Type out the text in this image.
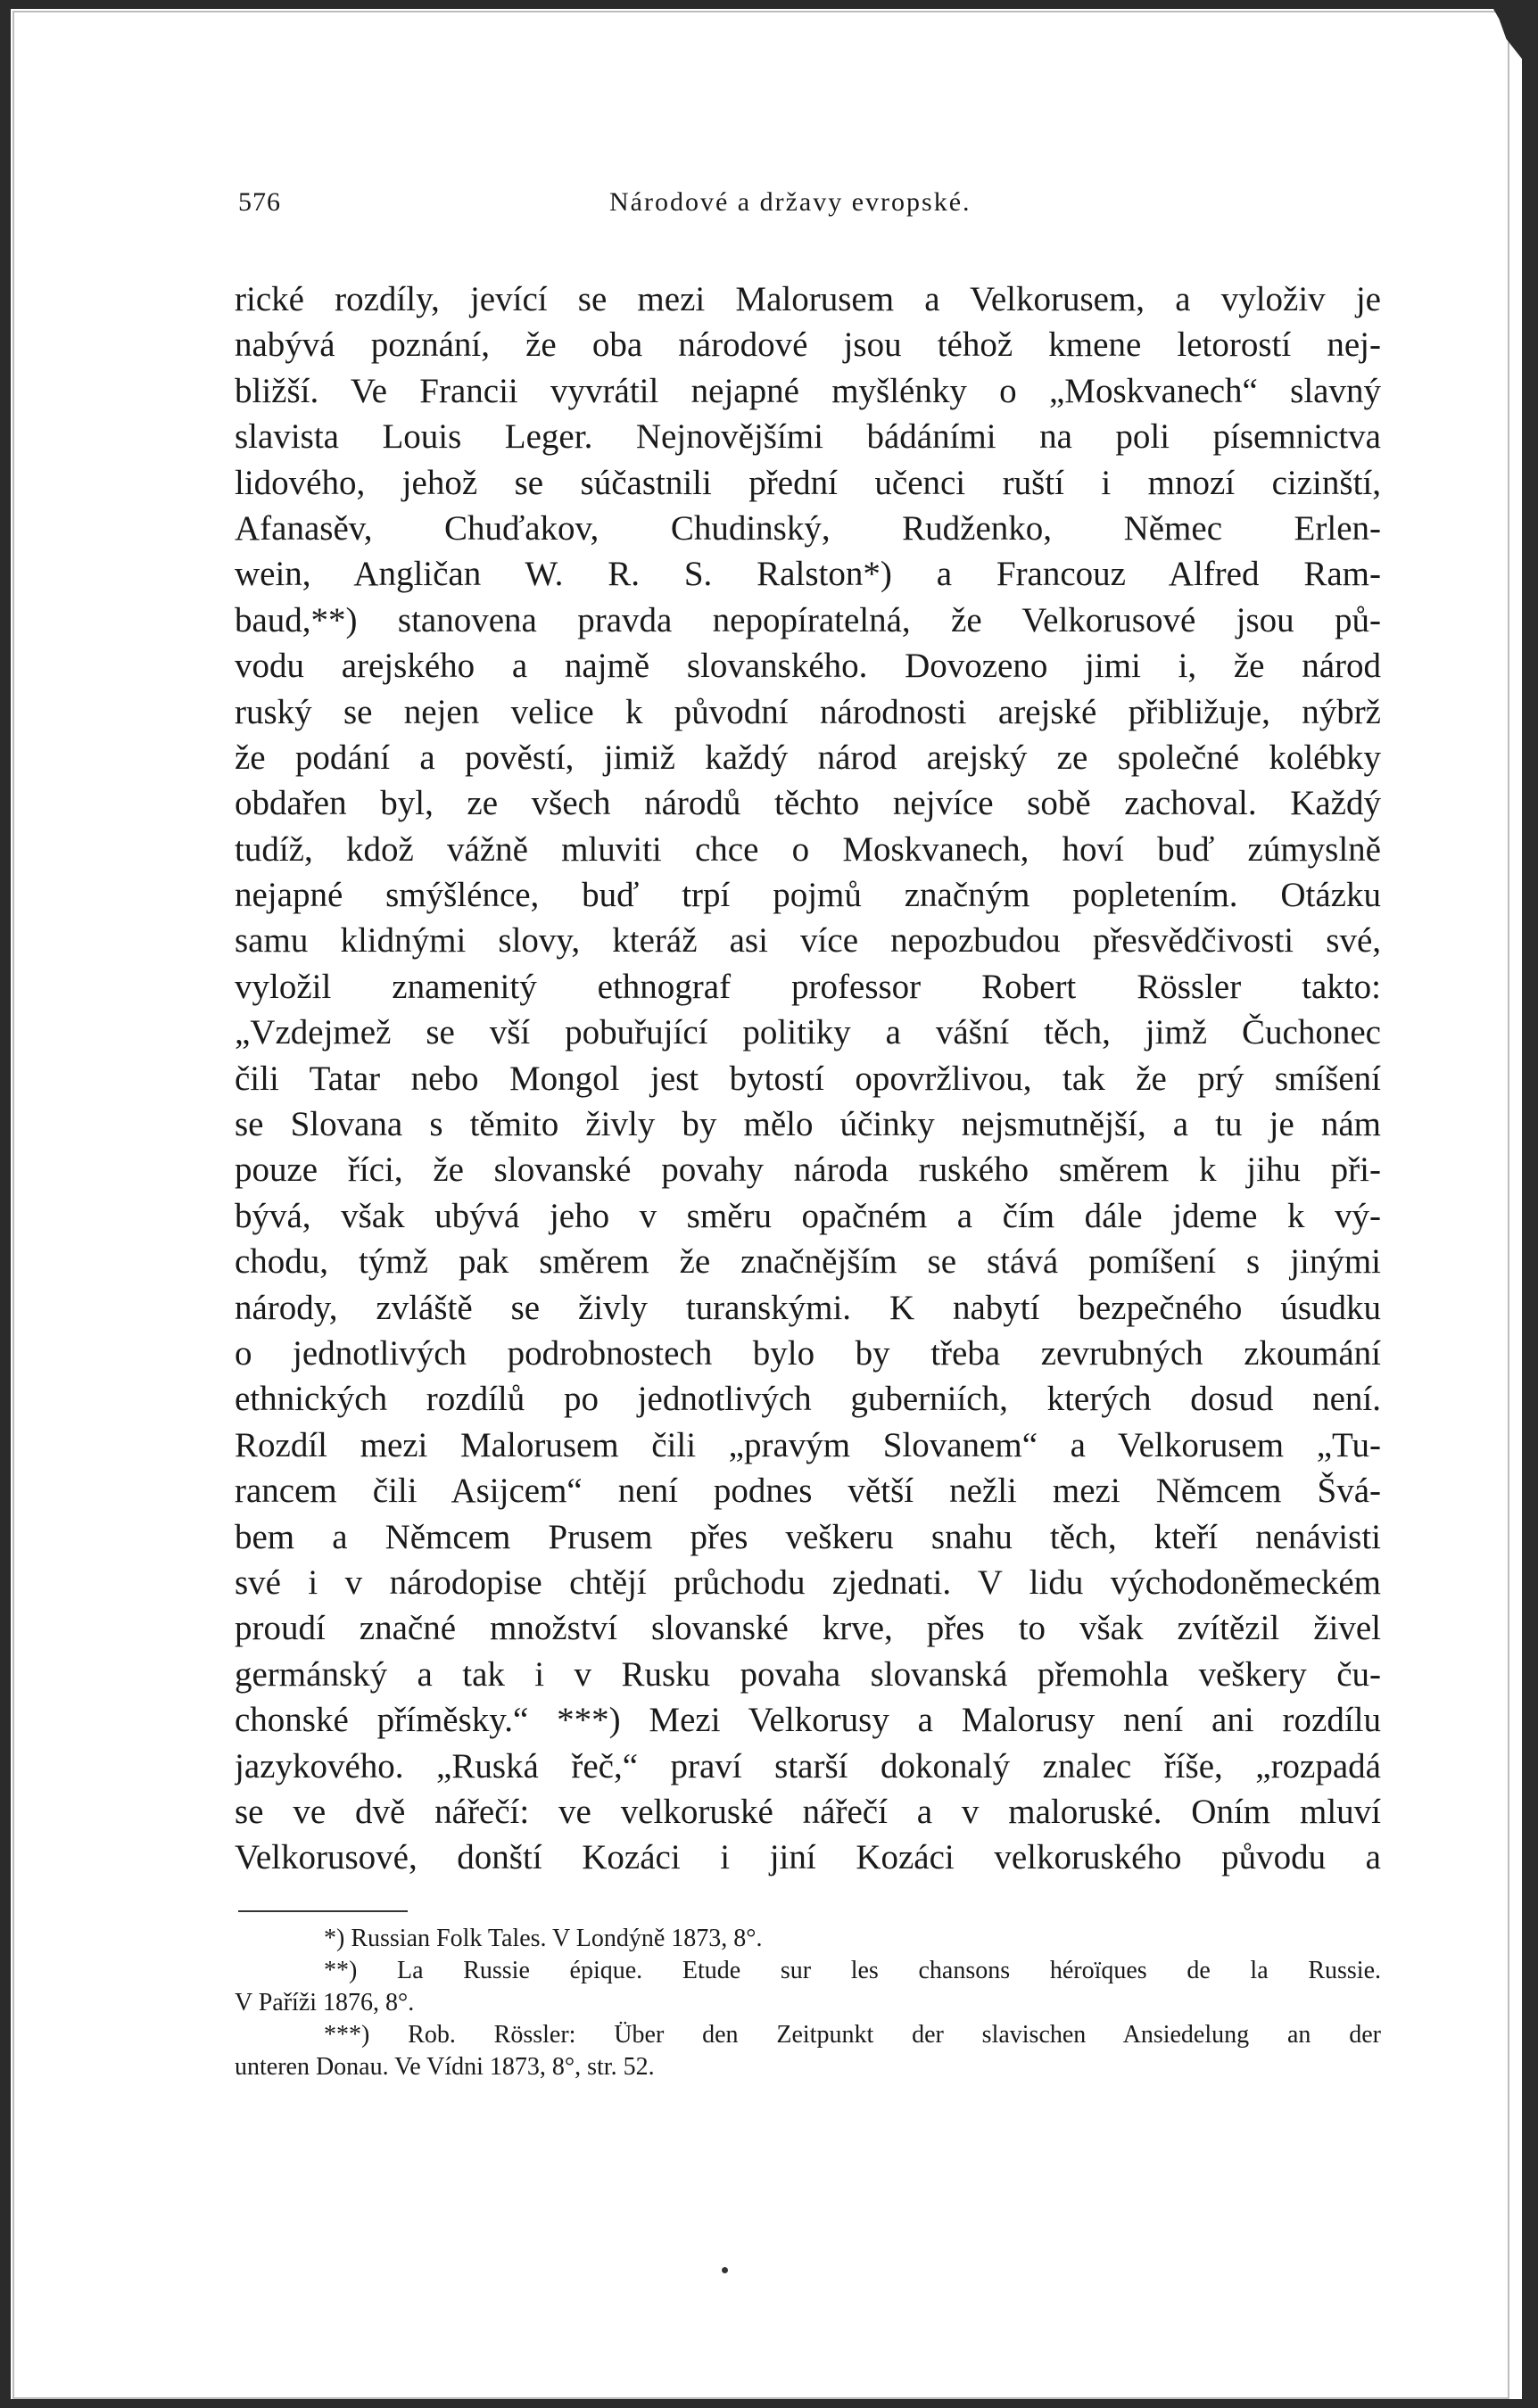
576	Národové a državy evropské.
rické rozdíly, jevící se mezi Malorusem a Velkorusem, a vyloživ je
nabývá poznání, že oba národové jsou téhož kmene letorostí nej-
bližší. Ve Francii vyvrátil nejapné myšlénky o „Moskvanech“ slavný
slavista Louis Leger. Nejnovějšími bádáními na poli písemnictva
lidového, jehož se súčastnili přední učenci ruští i mnozí cizinští,
Afanasěv, Chuďakov, Chudinský, Rudženko, Němec Erlen-
wein, Angličan W. R. S. Ralston*) a Francouz Alfred Ram-
baud,**) stanovena pravda nepopíratelná, že Velkorusové jsou pů-
vodu arejského a najmě slovanského. Dovozeno jimi i, že národ
ruský se nejen velice k původní národnosti arejské přibližuje, nýbrž
že podání a pověstí, jimiž každý národ arejský ze společné kolébky
obdařen byl, ze všech národů těchto nejvíce sobě zachoval. Každý
tudíž, kdož vážně mluviti chce o Moskvanech, hoví buď zúmyslně
nejapné smýšlénce, buď trpí pojmů značným popletením. Otázku
samu klidnými slovy, kteráž asi více nepozbudou přesvědčivosti své,
vyložil znamenitý ethnograf professor Robert Rössler takto:
„Vzdejmež se vší pobuřující politiky a vášní těch, jimž Čuchonec
čili Tatar nebo Mongol jest bytostí opovržlivou, tak že prý smíšení
se Slovana s těmito živly by mělo účinky nejsmutnější, a tu je nám
pouze říci, že slovanské povahy národa ruského směrem k jihu při-
bývá, však ubývá jeho v směru opačném a čím dále jdeme k vý-
chodu, týmž pak směrem že značnějším se stává pomíšení s jinými
národy, zvláště se živly turanskými. K nabytí bezpečného úsudku
o jednotlivých podrobnostech bylo by třeba zevrubných zkoumání
ethnických rozdílů po jednotlivých guberniích, kterých dosud není.
Rozdíl mezi Malorusem čili „pravým Slovanem“ a Velkorusem „Tu-
rancem čili Asijcem“ není podnes větší nežli mezi Němcem Švá-
bem a Němcem Prusem přes veškeru snahu těch, kteří nenávisti
své i v národopise chtějí průchodu zjednati. V lidu východoněmeckém
proudí značné množství slovanské krve, přes to však zvítězil živel
germánský a tak i v Rusku povaha slovanská přemohla veškery ču-
chonské příměsky.“ ***) Mezi Velkorusy a Malorusy není ani rozdílu
jazykového. „Ruská řeč,“ praví starší dokonalý znalec říše, „rozpadá
se ve dvě nářečí: ve velkoruské nářečí a v maloruské. Oním mluví
Velkorusové, donští Kozáci i jiní Kozáci velkoruského původu a
*) Russian Folk Tales. V Londýně 1873, 8°.
**) La Russie épique. Etude sur les chansons héroïques de la Russie.
V Paříži 1876, 8°.
***) Rob. Rössler: Über den Zeitpunkt der slavischen Ansiedelung an der
unteren Donau. Ve Vídni 1873, 8°, str. 52.
